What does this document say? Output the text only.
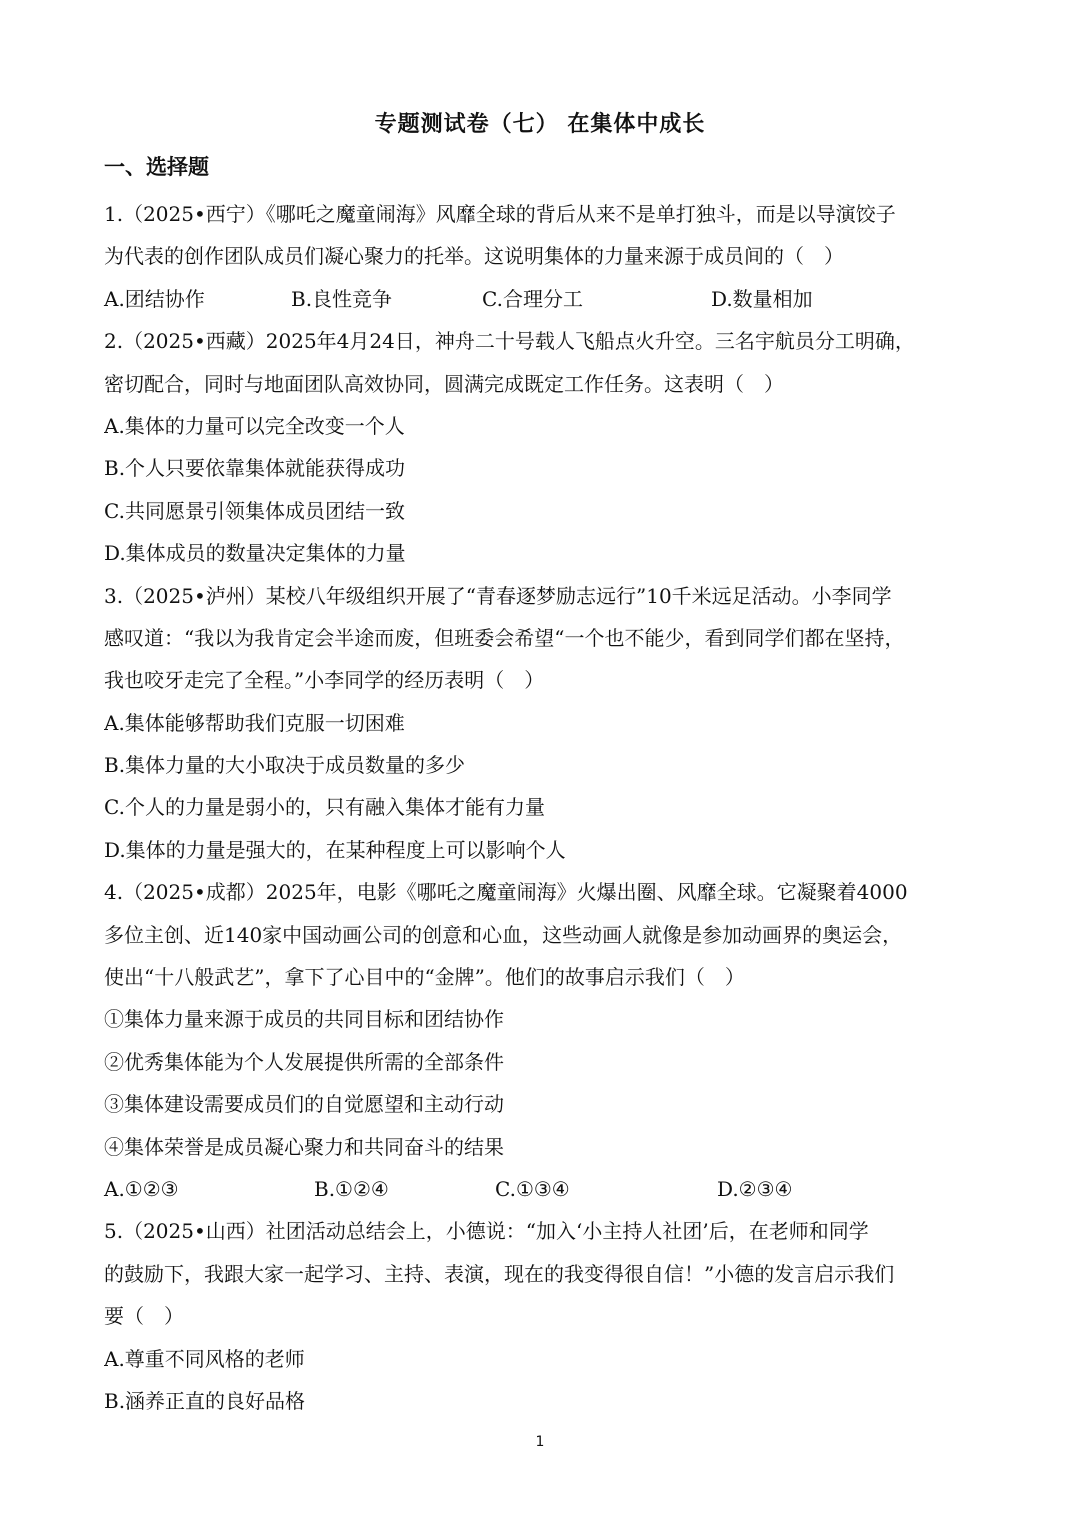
专题测试卷（七） 在集体中成长
一、选择题
1.（2025•西宁）《哪吒之魔童闹海》风靡全球的背后从来不是单打独斗，而是以导演饺子
为代表的创作团队成员们凝心聚力的托举。这说明集体的力量来源于成员间的（　）
A.团结协作	B.良性竞争	C.合理分工	D.数量相加
2.（2025•西藏）2025年4月24日，神舟二十号载人飞船点火升空。三名宇航员分工明确，
密切配合，同时与地面团队高效协同，圆满完成既定工作任务。这表明（　）
A.集体的力量可以完全改变一个人
B.个人只要依靠集体就能获得成功
C.共同愿景引领集体成员团结一致
D.集体成员的数量决定集体的力量
3.（2025•泸州）某校八年级组织开展了“青春逐梦励志远行”10千米远足活动。小李同学
感叹道：“我以为我肯定会半途而废，但班委会希望“一个也不能少，看到同学们都在坚持，
我也咬牙走完了全程。”小李同学的经历表明（　）
A.集体能够帮助我们克服一切困难
B.集体力量的大小取决于成员数量的多少
C.个人的力量是弱小的，只有融入集体才能有力量
D.集体的力量是强大的，在某种程度上可以影响个人
4.（2025•成都）2025年，电影《哪吒之魔童闹海》火爆出圈、风靡全球。它凝聚着4000
多位主创、近140家中国动画公司的创意和心血，这些动画人就像是参加动画界的奥运会，
使出“十八般武艺”，拿下了心目中的“金牌”。他们的故事启示我们（　）
①集体力量来源于成员的共同目标和团结协作
②优秀集体能为个人发展提供所需的全部条件
③集体建设需要成员们的自觉愿望和主动行动
④集体荣誉是成员凝心聚力和共同奋斗的结果
A.①②③	B.①②④	C.①③④	D.②③④
5.（2025•山西）社团活动总结会上，小德说：“加入‘小主持人社团’后，在老师和同学
的鼓励下，我跟大家一起学习、主持、表演，现在的我变得很自信！”小德的发言启示我们
要（　）
A.尊重不同风格的老师
B.涵养正直的良好品格
1
